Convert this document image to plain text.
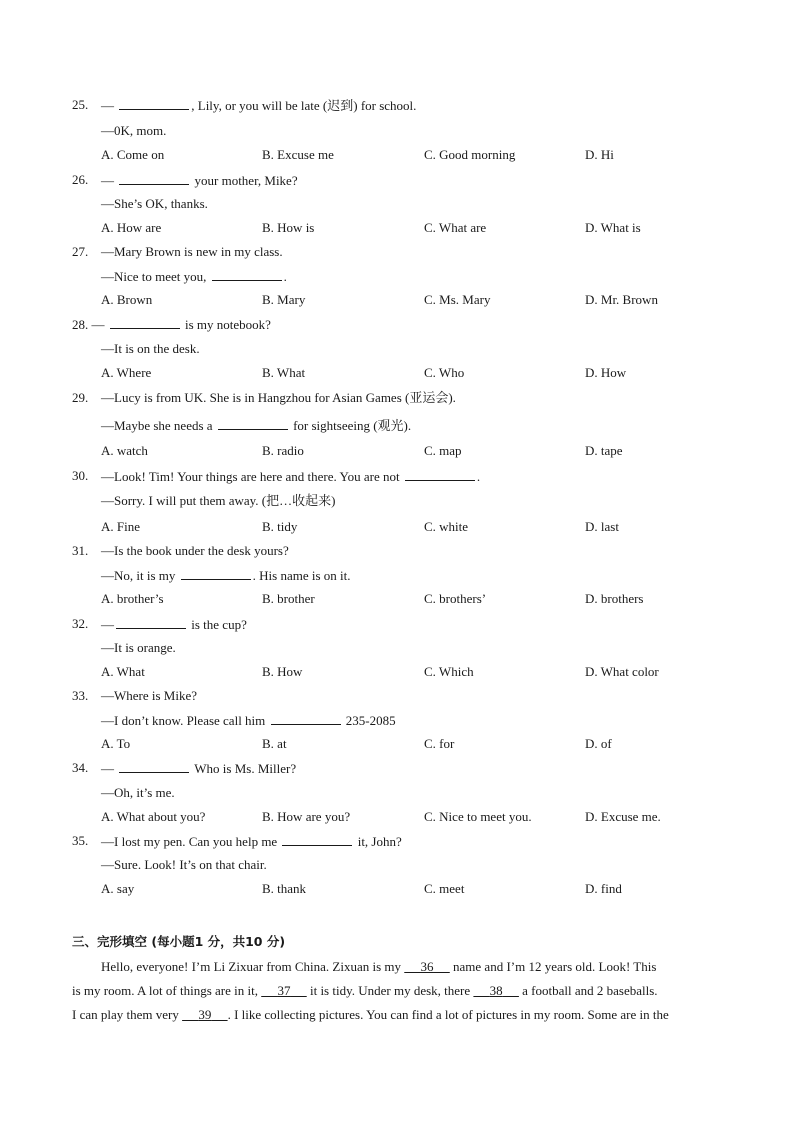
25. —	, Lily, or you will be late (迟到) for school.
—0K, mom.
A. Come on	B. Excuse me	C. Good morning	D. Hi
26. —	your mother, Mike?
—She’s OK, thanks.
A. How are	B. How is	C. What are	D. What is
27. —Mary Brown is new in my class.
—Nice to meet you,	.
A. Brown	B. Mary	C. Ms. Mary	D. Mr. Brown
28. —	is my notebook?
—It is on the desk.
A. Where	B. What	C. Who	D. How
29. —Lucy is from UK. She is in Hangzhou for Asian Games (亚运会).
—Maybe she needs a	for sightseeing (观光).
A. watch	B. radio	C. map	D. tape
30. —Look! Tim! Your things are here and there. You are not	.
—Sorry. I will put them away. (把…收起来)
A. Fine	B. tidy	C. white	D. last
31. —Is the book under the desk yours?
—No, it is my	. His name is on it.
A. brother’s	B. brother	C. brothers’	D. brothers
32. —	is the cup?
—It is orange.
A. What	B. How	C. Which	D. What color
33. —Where is Mike?
—I don’t know. Please call him	235-2085
A. To	B. at	C. for	D. of
34. —	Who is Ms. Miller?
—Oh, it’s me.
A. What about you?	B. How are you?	C. Nice to meet you.	D. Excuse me.
35. —I lost my pen. Can you help me	it, John?
—Sure. Look! It’s on that chair.
A. say	B. thank	C. meet	D. find
三、完形填空 (每小题1 分，共10 分)
Hello, everyone! I’m Li Zixuar from China. Zixuan is my      36      name and I’m 12 years old. Look! This
is my room. A lot of things are in it,      37      it is tidy. Under my desk, there      38      a football and 2 baseballs.
I can play them very      39 . I like collecting pictures. You can find a lot of pictures in my room. Some are in the
